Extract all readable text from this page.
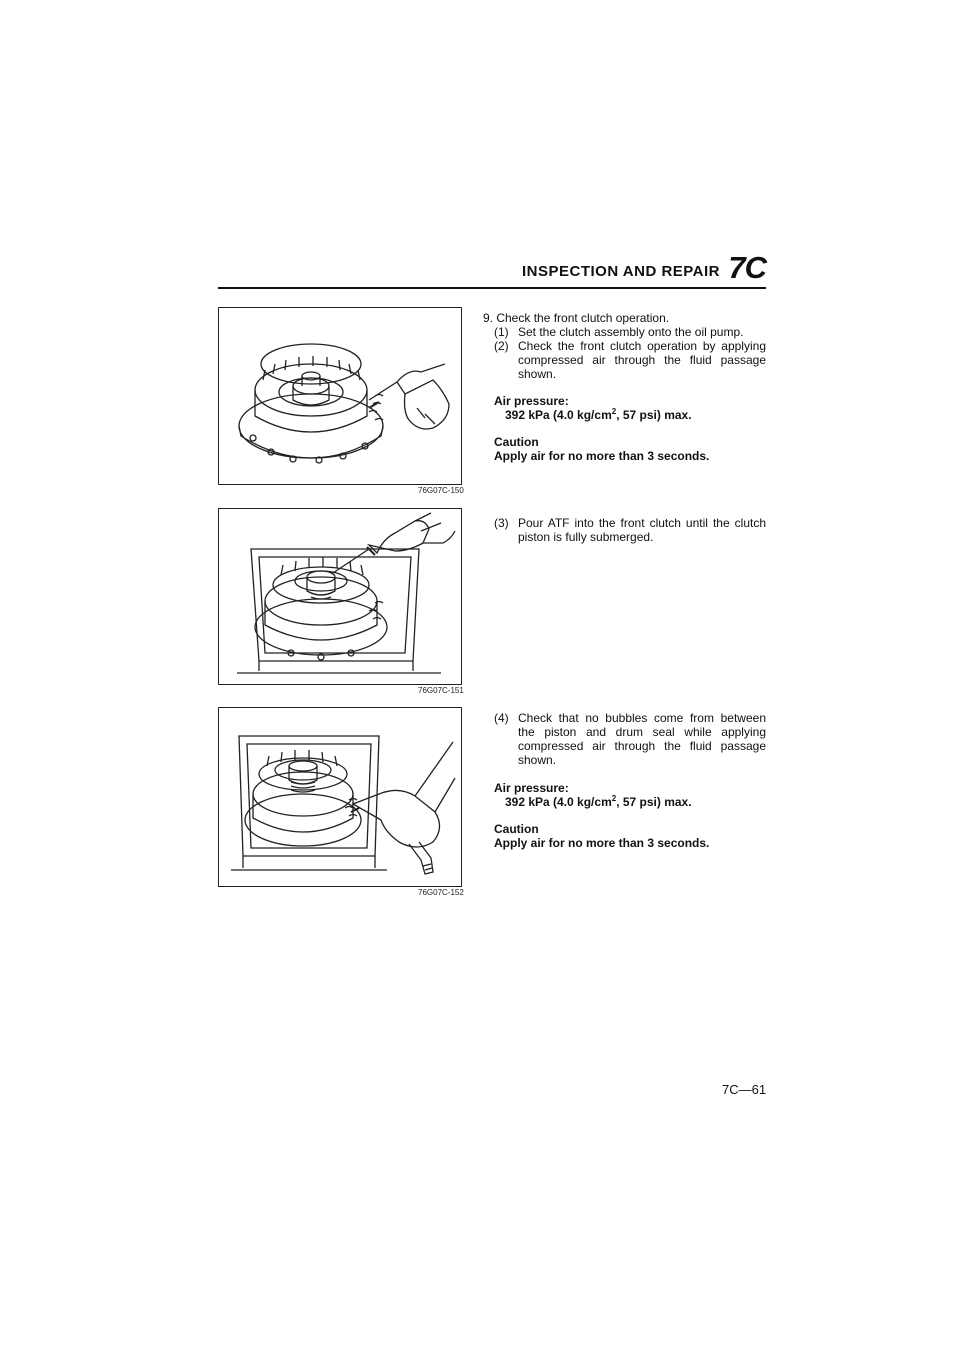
INSPECTION AND REPAIR 7C
76G07C-150
76G07C-151
76G07C-152

9. Check the front clutch operation.

(1) Set the clutch assembly onto the oil pump.
(2) Check the front clutch operation by applying compressed air through the fluid passage shown.
Air pressure:
392 kPa (4.0 $kg/cm^2$, 57 psi) max.
Caution
Apply air for no more than 3 seconds.
(3) Pour ATF into the front clutch until the clutch piston is fully submerged.
(4) Check that no bubbles come from between the piston and drum seal while applying compressed air through the fluid passage shown.
Air pressure:
392 kPa (4.0 $kg/cm^2$, 57 psi) max.
Caution
Apply air for no more than 3 seconds.
7C—61
